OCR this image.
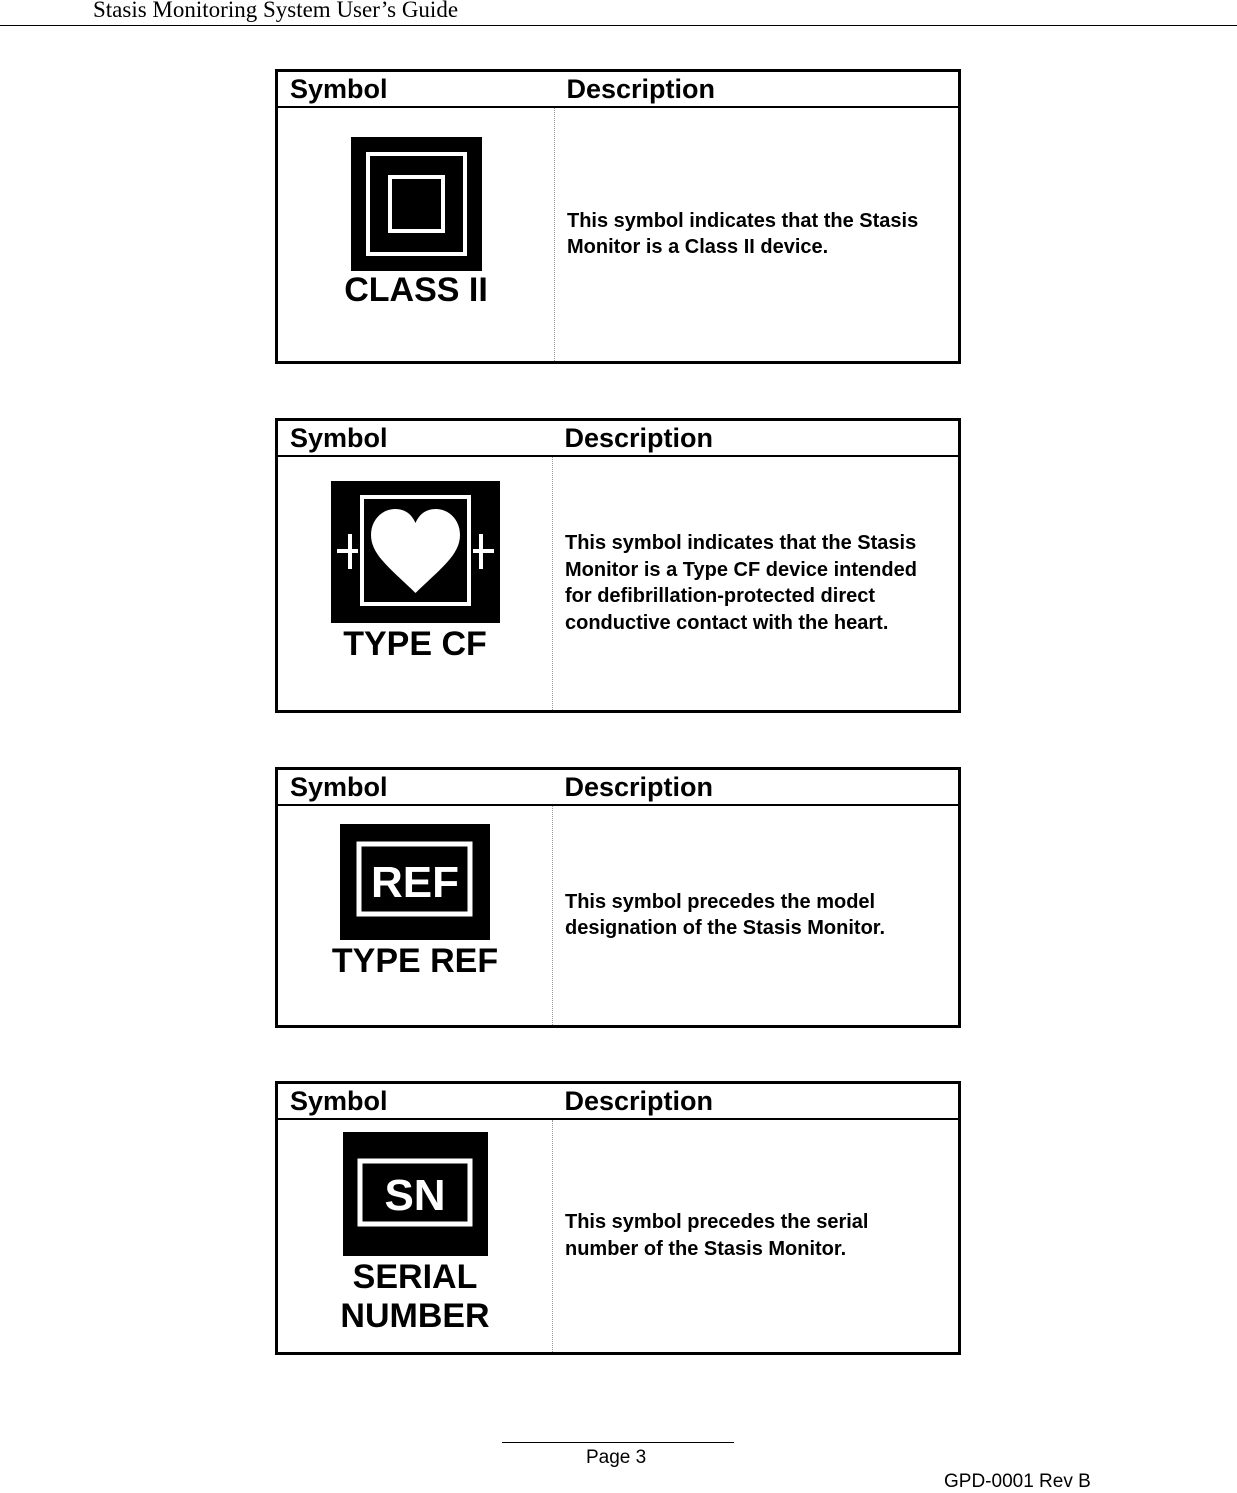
Stasis Monitoring System User’s Guide
Symbol	Description

CLASS II	This symbol indicates that the Stasis Monitor is a Class II device.
Symbol	Description

TYPE CF	This symbol indicates that the Stasis Monitor is a Type CF device intended for defibrillation-protected direct conductive contact with the heart.
Symbol	Description

REF
TYPE REF	This symbol precedes the model designation of the Stasis Monitor.
Symbol	Description

SN
SERIAL
NUMBER	This symbol precedes the serial number of the Stasis Monitor.
Page 3
GPD-0001 Rev B
